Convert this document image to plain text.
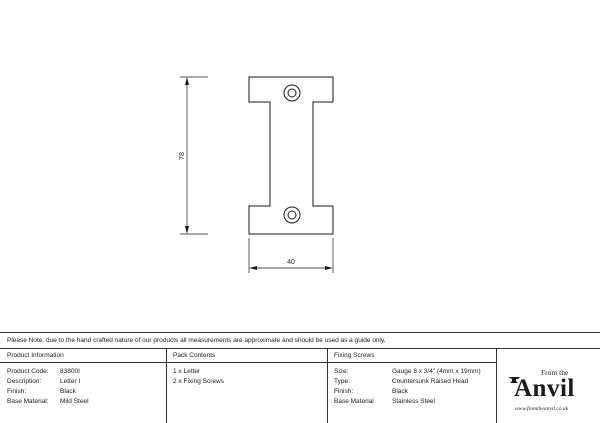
78
40
Please Note, due to the hand crafted nature of our products all measurements are approximate and should be used as a guide only.
Product Information
Product Code: 83800I
Description:	Letter I
Finish:	Black
Base Material: Mild Steel
Pack Contents
1 x Letter
2 x Fixing Screws
Fixing Screws
Size:	Gauge 8 x 3/4" (4mm x 19mm)
Type:	Countersunk Raised Head
Finish:	Black
Base Material	Stainless Steel
From the
Anvil
www.fromtheanvil.co.uk
